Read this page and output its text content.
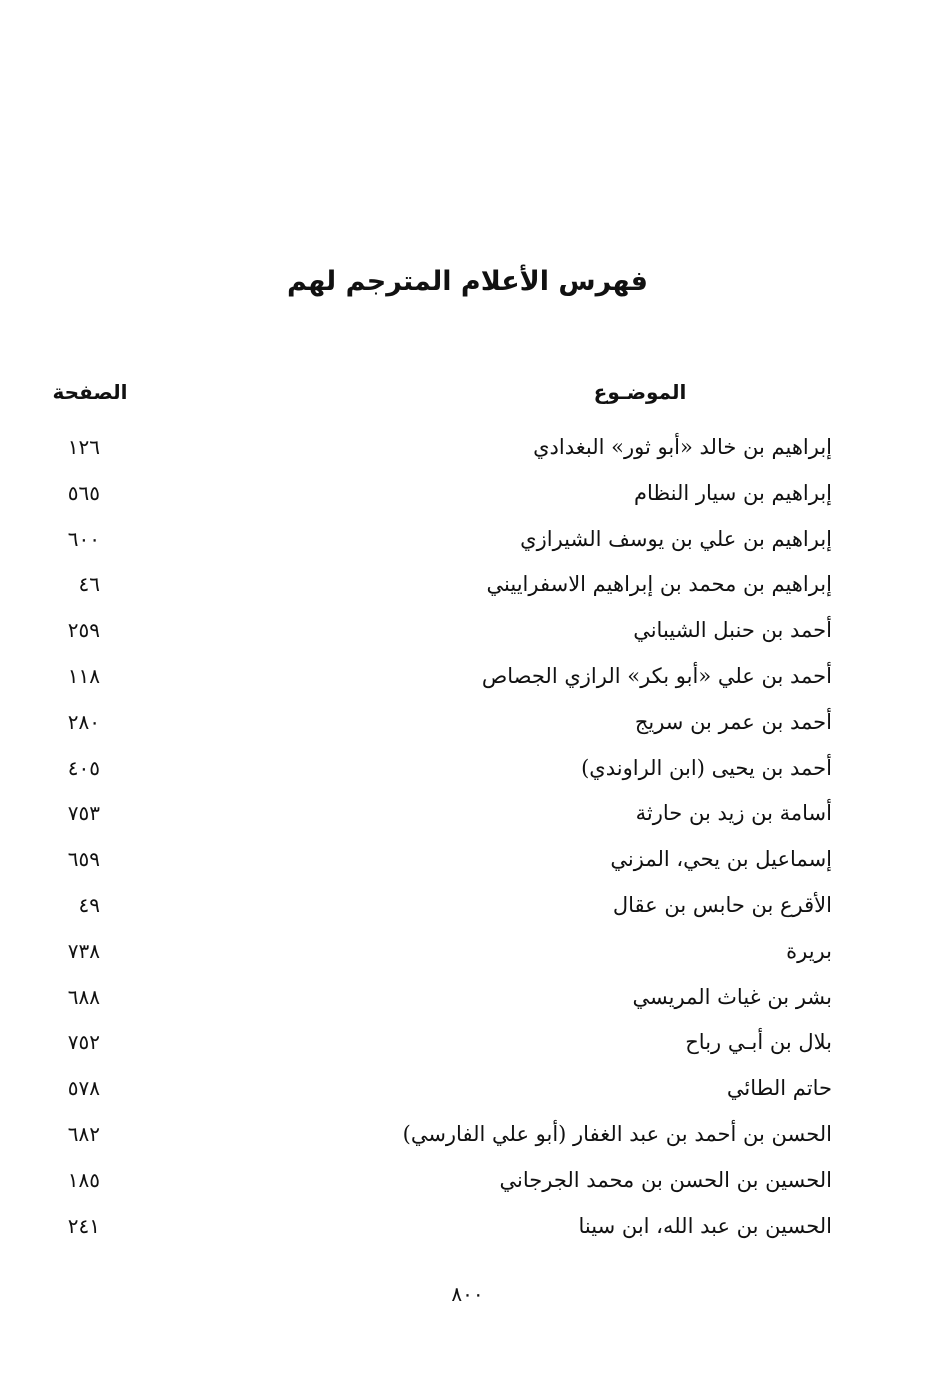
فهرس الأعلام المترجم لهم
الموضـوع
الصفحة
إبراهيم بن خالد «أبو ثور» البغدادي
١٢٦
إبراهيم بن سيار النظام
٥٦٥
إبراهيم بن علي بن يوسف الشيرازي
٦٠٠
إبراهيم بن محمد بن إبراهيم الاسفراييني
٤٦
أحمد بن حنبل الشيباني
٢٥٩
أحمد بن علي «أبو بكر» الرازي الجصاص
١١٨
أحمد بن عمر بن سريج
٢٨٠
أحمد بن يحيى (ابن الراوندي)
٤٠٥
أسامة بن زيد بن حارثة
٧٥٣
إسماعيل بن يحي، المزني
٦٥٩
الأقرع بن حابس بن عقال
٤٩
بريرة
٧٣٨
بشر بن غياث المريسي
٦٨٨
بلال بن أبـي رباح
٧٥٢
حاتم الطائي
٥٧٨
الحسن بن أحمد بن عبد الغفار (أبو علي الفارسي)
٦٨٢
الحسين بن الحسن بن محمد الجرجاني
١٨٥
الحسين بن عبد الله، ابن سينا
٢٤١
٨٠٠
